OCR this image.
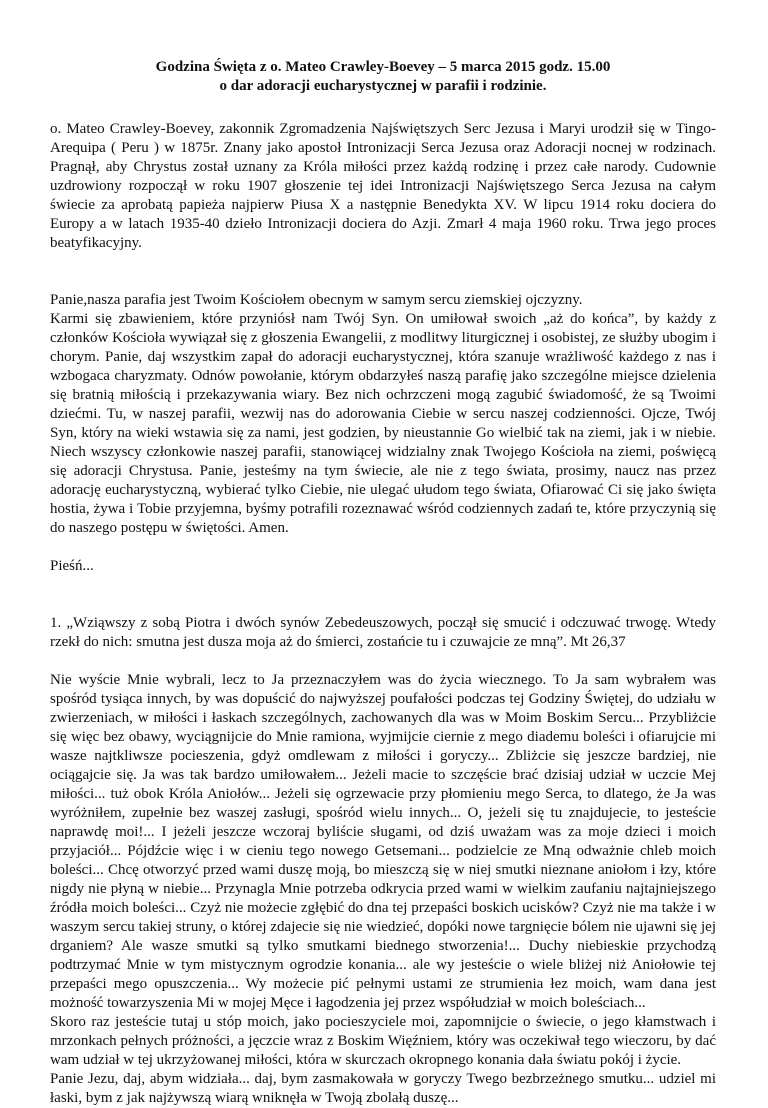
Godzina Święta z o. Mateo Crawley-Boevey – 5 marca 2015 godz. 15.00

o dar adoracji eucharystycznej w parafii i rodzinie.

o. Mateo Crawley-Boevey, zakonnik Zgromadzenia Najświętszych Serc Jezusa i Maryi urodził się w Tingo-Arequipa ( Peru ) w 1875r. Znany jako apostoł Intronizacji Serca Jezusa oraz Adoracji nocnej w rodzinach. Pragnął, aby Chrystus został uznany za Króla miłości przez każdą rodzinę i przez całe narody. Cudownie uzdrowiony rozpoczął w roku 1907 głoszenie tej idei Intronizacji Najświętszego Serca Jezusa na całym świecie za aprobatą papieża najpierw Piusa X a następnie Benedykta XV. W lipcu 1914 roku dociera do Europy a w latach 1935-40 dzieło Intronizacji dociera do Azji. Zmarł 4 maja 1960 roku. Trwa jego proces beatyfikacyjny.

Panie,nasza parafia jest Twoim Kościołem obecnym w samym sercu ziemskiej ojczyzny.

Karmi się zbawieniem, które przyniósł nam Twój Syn. On umiłował swoich „aż do końca”, by każdy z członków Kościoła wywiązał się z głoszenia Ewangelii, z modlitwy liturgicznej i osobistej, ze służby ubogim i chorym. Panie, daj wszystkim zapał do adoracji eucharystycznej, która szanuje wrażliwość każdego z nas i wzbogaca charyzmaty. Odnów powołanie, którym obdarzyłeś naszą parafię jako szczególne miejsce dzielenia się bratnią miłością i przekazywania wiary. Bez nich ochrzczeni mogą zagubić świadomość, że są Twoimi dziećmi. Tu, w naszej parafii, wezwij nas do adorowania Ciebie w sercu naszej codzienności. Ojcze, Twój Syn, który na wieki wstawia się za nami, jest godzien, by nieustannie Go wielbić tak na ziemi, jak i w niebie. Niech wszyscy członkowie naszej parafii, stanowiącej widzialny znak Twojego Kościoła na ziemi, poświęcą się adoracji Chrystusa. Panie, jesteśmy na tym świecie, ale nie z tego świata, prosimy, naucz nas przez adorację eucharystyczną, wybierać tylko Ciebie, nie ulegać ułudom tego świata, Ofiarować Ci się jako święta hostia, żywa i Tobie przyjemna, byśmy potrafili rozeznawać wśród codziennych zadań te, które przyczynią się do naszego postępu w świętości. Amen.

Pieśń...

1. „Wziąwszy z sobą Piotra i dwóch synów Zebedeuszowych, począł się smucić i odczuwać trwogę. Wtedy rzekł do nich: smutna jest dusza moja aż do śmierci, zostańcie tu i czuwajcie ze mną”. Mt 26,37

Nie wyście Mnie wybrali, lecz to Ja przeznaczyłem was do życia wiecznego. To Ja sam wybrałem was spośród tysiąca innych, by was dopuścić do najwyższej poufałości podczas tej Godziny Świętej, do udziału w zwierzeniach, w miłości i łaskach szczególnych, zachowanych dla was w Moim Boskim Sercu... Przybliżcie się więc bez obawy, wyciągnijcie do Mnie ramiona, wyjmijcie ciernie z mego diademu boleści i ofiarujcie mi wasze najtkliwsze pocieszenia, gdyż omdlewam z miłości i goryczy... Zbliżcie się jeszcze bardziej, nie ociągajcie się. Ja was tak bardzo umiłowałem... Jeżeli macie to szczęście brać dzisiaj udział w uczcie Mej miłości... tuż obok Króla Aniołów... Jeżeli się ogrzewacie przy płomieniu mego Serca, to dlatego, że Ja was wyróżniłem, zupełnie bez waszej zasługi, spośród wielu innych... O, jeżeli się tu znajdujecie, to jesteście naprawdę moi!... I jeżeli jeszcze wczoraj byliście sługami, od dziś uważam was za moje dzieci i moich przyjaciół... Pójdźcie więc i w cieniu tego nowego Getsemani... podzielcie ze Mną odważnie chleb moich boleści... Chcę otworzyć przed wami duszę moją, bo mieszczą się w niej smutki nieznane aniołom i łzy, które nigdy nie płyną w niebie... Przynagla Mnie potrzeba odkrycia przed wami w wielkim zaufaniu najtajniejszego źródła moich boleści... Czyż nie możecie zgłębić do dna tej przepaści boskich ucisków? Czyż nie ma także i w waszym sercu takiej struny, o której zdajecie się nie wiedzieć, dopóki nowe targnięcie bólem nie ujawni się jej drganiem? Ale wasze smutki są tylko smutkami biednego stworzenia!... Duchy niebieskie przychodzą podtrzymać Mnie w tym mistycznym ogrodzie konania... ale wy jesteście o wiele bliżej niż Aniołowie tej przepaści mego opuszczenia... Wy możecie pić pełnymi ustami ze strumienia łez moich, wam dana jest możność towarzyszenia Mi w mojej Męce i łagodzenia jej przez współudział w moich boleściach...

Skoro raz jesteście tutaj u stóp moich, jako pocieszyciele moi, zapomnijcie o świecie, o jego kłamstwach i mrzonkach pełnych próżności, a jęczcie wraz z Boskim Więźniem, który was oczekiwał tego wieczoru, by dać wam udział w tej ukrzyżowanej miłości, która w skurczach okropnego konania dała światu pokój i życie.

Panie Jezu, daj, abym widziała... daj, bym zasmakowała w goryczy Twego bezbrzeżnego smutku... udziel mi łaski, bym z jak najżywszą wiarą wniknęła w Twoją zbolałą duszę...
